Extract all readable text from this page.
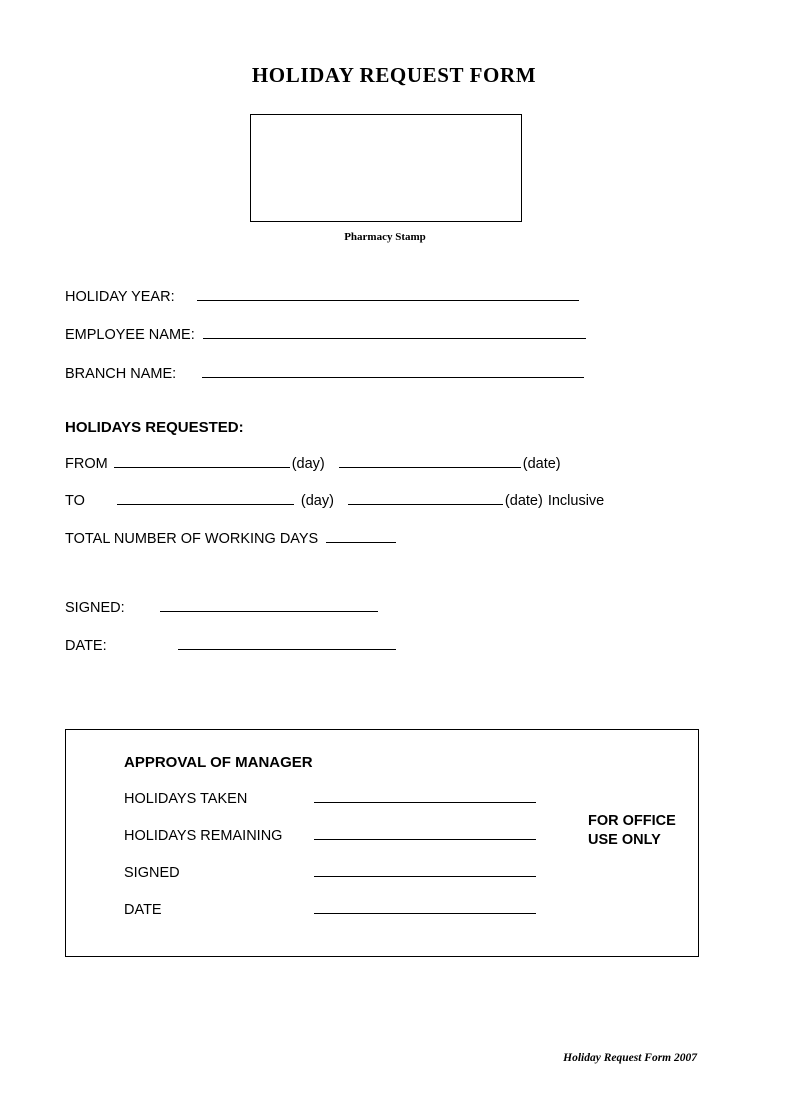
HOLIDAY REQUEST FORM
Pharmacy Stamp
HOLIDAY YEAR:
EMPLOYEE NAME:
BRANCH NAME:
HOLIDAYS REQUESTED:
FROM	(day)	(date)
TO	(day)	(date) Inclusive
TOTAL NUMBER OF WORKING DAYS
SIGNED:
DATE:
APPROVAL OF MANAGER
HOLIDAYS TAKEN
HOLIDAYS REMAINING
SIGNED
DATE
FOR OFFICE USE ONLY
Holiday Request Form 2007
